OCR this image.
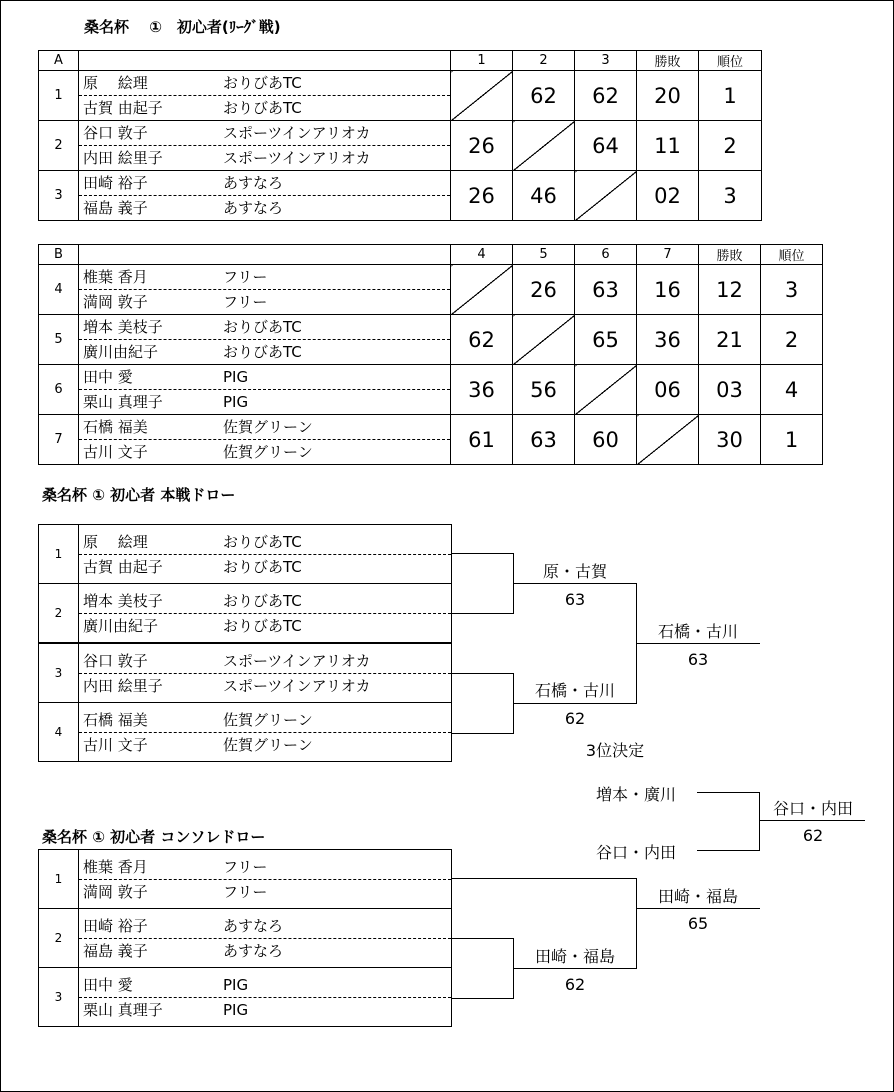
桑名杯　 ①　初心者(ﾘｰｸﾞ戦)
A		1	2	3	勝敗	順位
1	原　 絵理 おりびあTC
古賀 由起子 おりびあTC		62	62	20	1
2	谷口 敦子 スポーツインアリオカ
内田 絵里子 スポーツインアリオカ	26		64	11	2
3	田崎 裕子 あすなろ
福島 義子 あすなろ	26	46		02	3
B		4	5	6	7	勝敗	順位
4	椎葉 香月 フリー
満岡 敦子 フリー		26	63	16	12	3
5	増本 美枝子 おりびあTC
廣川由紀子 おりびあTC	62		65	36	21	2
6	田中 愛 PIG
栗山 真理子 PIG	36	56		06	03	4
7	石橋 福美 佐賀グリーン
古川 文子 佐賀グリーン	61	63	60		30	1
桑名杯 ① 初心者 本戦ドロー
1	原　 絵理 おりびあTC
古賀 由起子 おりびあTC

2	増本 美枝子 おりびあTC
廣川由紀子 おりびあTC

3	谷口 敦子 スポーツインアリオカ
内田 絵里子 スポーツインアリオカ

4	石橋 福美 佐賀グリーン
古川 文子 佐賀グリーン
原・古賀
63
石橋・古川
62
石橋・古川
63
3位決定
増本・廣川
谷口・内田
谷口・内田
62
桑名杯 ① 初心者 コンソレドロー
1	椎葉 香月 フリー
満岡 敦子 フリー

2	田崎 裕子 あすなろ
福島 義子 あすなろ

3	田中 愛 PIG
栗山 真理子 PIG
田崎・福島
62
田崎・福島
65
